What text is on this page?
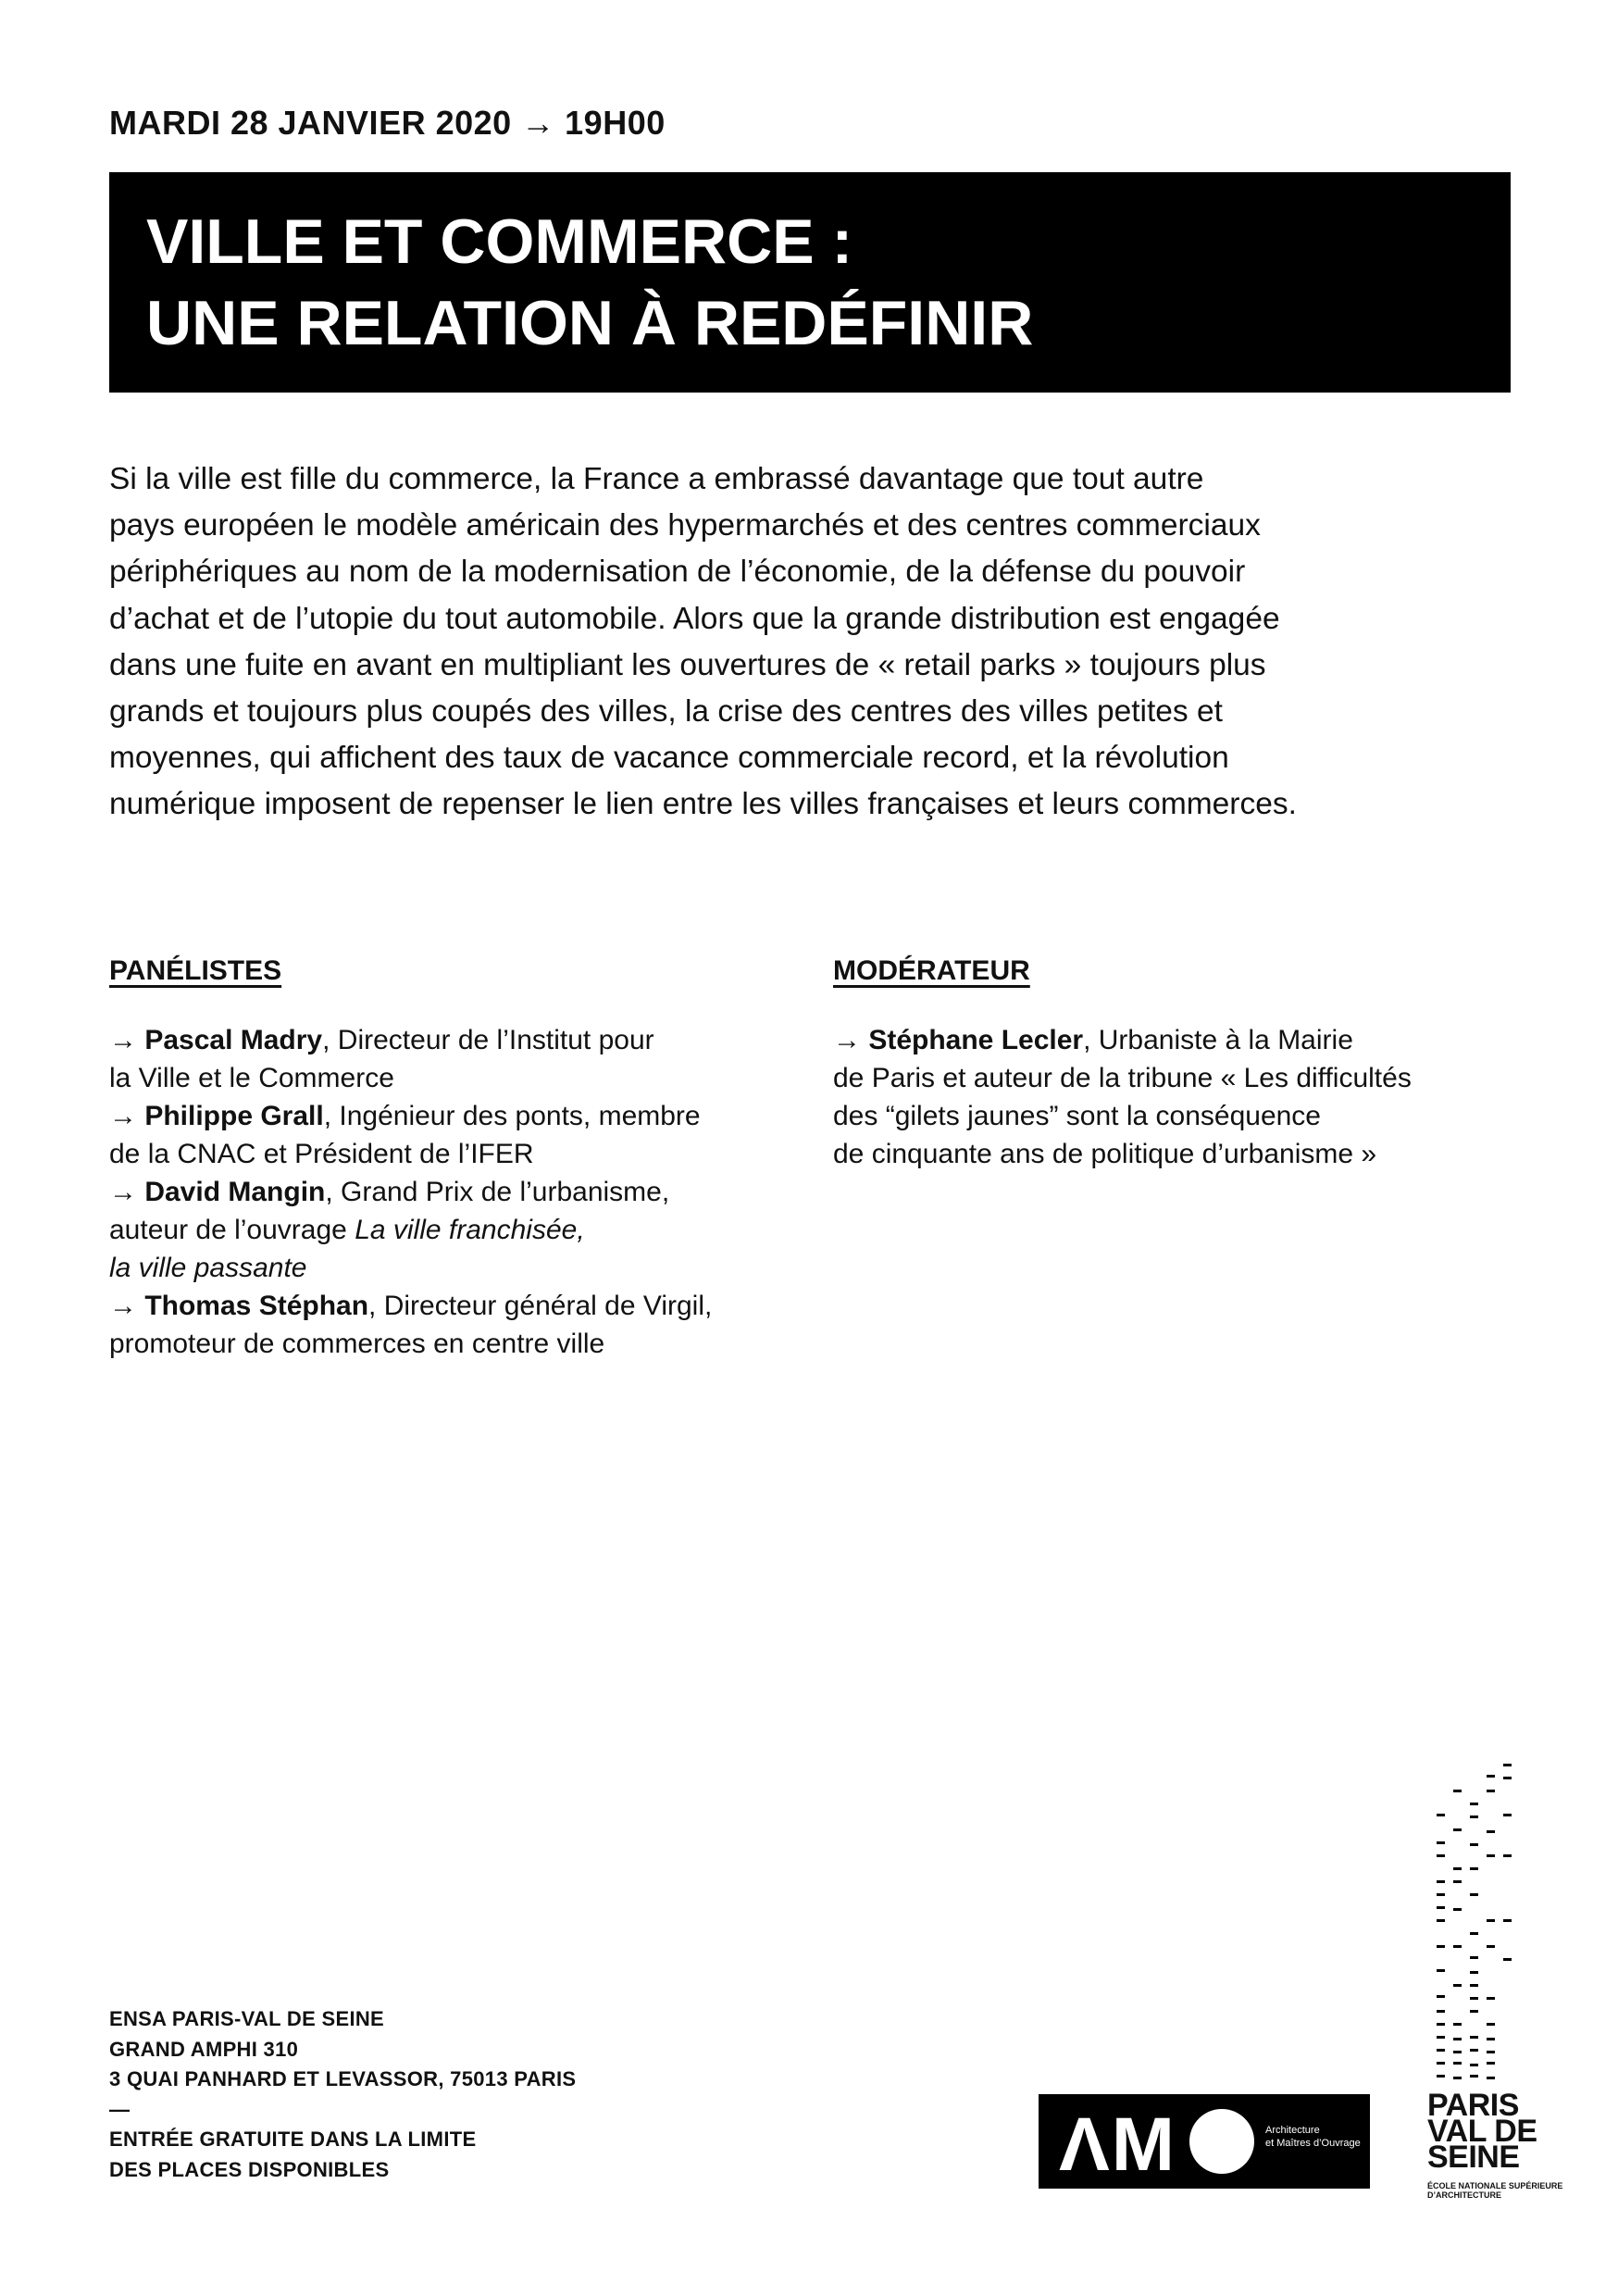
MARDI 28 JANVIER 2020 → 19H00
VILLE ET COMMERCE :
UNE RELATION À REDÉFINIR
Si la ville est fille du commerce, la France a embrassé davantage que tout autre
pays européen le modèle américain des hypermarchés et des centres commerciaux
périphériques au nom de la modernisation de l’économie, de la défense du pouvoir
d’achat et de l’utopie du tout automobile. Alors que la grande distribution est engagée
dans une fuite en avant en multipliant les ouvertures de « retail parks » toujours plus
grands et toujours plus coupés des villes, la crise des centres des villes petites et
moyennes, qui affichent des taux de vacance commerciale record, et la révolution
numérique imposent de repenser le lien entre les villes françaises et leurs commerces.
PANÉLISTES
→ Pascal Madry, Directeur de l’Institut pour
la Ville et le Commerce
→ Philippe Grall, Ingénieur des ponts, membre
de la CNAC et Président de l’IFER
→ David Mangin, Grand Prix de l’urbanisme,
auteur de l’ouvrage La ville franchisée,
la ville passante
→ Thomas Stéphan, Directeur général de Virgil,
promoteur de commerces en centre ville
MODÉRATEUR
→ Stéphane Lecler, Urbaniste à la Mairie
de Paris et auteur de la tribune « Les difficultés
des “gilets jaunes” sont la conséquence
de cinquante ans de politique d’urbanisme »
ENSA PARIS-VAL DE SEINE
GRAND AMPHI 310
3 QUAI PANHARD ET LEVASSOR, 75013 PARIS
—
ENTRÉE GRATUITE DANS LA LIMITE
DES PLACES DISPONIBLES	ΛM	Architecture
et Maîtres d’Ouvrage
PARIS
VAL DE
SEINE
ÉCOLE NATIONALE SUPÉRIEURE
D’ARCHITECTURE
